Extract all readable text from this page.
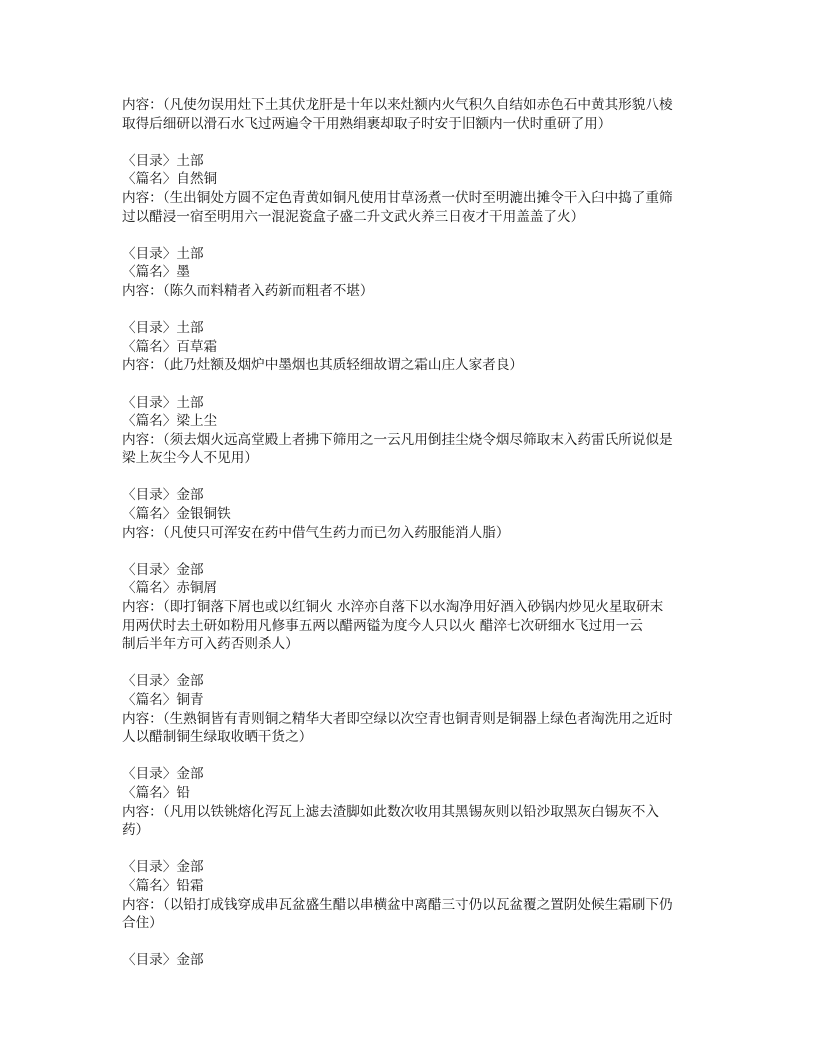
内容：（凡使勿误用灶下土其伏龙肝是十年以来灶额内火气积久自结如赤色石中黄其形貌八棱
取得后细研以滑石水飞过两遍令干用熟绢裹却取子时安于旧额内一伏时重研了用）
〈目录〉土部
〈篇名〉自然铜
内容：（生出铜处方圆不定色青黄如铜凡使用甘草汤煮一伏时至明漉出摊令干入臼中捣了重筛
过以醋浸一宿至明用六一混泥瓷盒子盛二升文武火养三日夜才干用盖盖了火）
〈目录〉土部
〈篇名〉墨
内容：（陈久而料精者入药新而粗者不堪）
〈目录〉土部
〈篇名〉百草霜
内容：（此乃灶额及烟炉中墨烟也其质轻细故谓之霜山庄人家者良）
〈目录〉土部
〈篇名〉梁上尘
内容：（须去烟火远高堂殿上者拂下筛用之一云凡用倒挂尘烧令烟尽筛取末入药雷氏所说似是
梁上灰尘今人不见用）
〈目录〉金部
〈篇名〉金银铜铁
内容：（凡使只可浑安在药中借气生药力而已勿入药服能消人脂）
〈目录〉金部
〈篇名〉赤铜屑
内容：（即打铜落下屑也或以红铜火 水淬亦自落下以水淘净用好酒入砂锅内炒见火星取研末
用两伏时去土研如粉用凡修事五两以醋两镒为度今人只以火 醋淬七次研细水飞过用一云
制后半年方可入药否则杀人）
〈目录〉金部
〈篇名〉铜青
内容：（生熟铜皆有青则铜之精华大者即空绿以次空青也铜青则是铜器上绿色者淘洗用之近时
人以醋制铜生绿取收晒干货之）
〈目录〉金部
〈篇名〉铅
内容：（凡用以铁铫熔化泻瓦上滤去渣脚如此数次收用其黑锡灰则以铅沙取黑灰白锡灰不入
药）
〈目录〉金部
〈篇名〉铅霜
内容：（以铅打成钱穿成串瓦盆盛生醋以串横盆中离醋三寸仍以瓦盆覆之置阴处候生霜刷下仍
合住）
〈目录〉金部
